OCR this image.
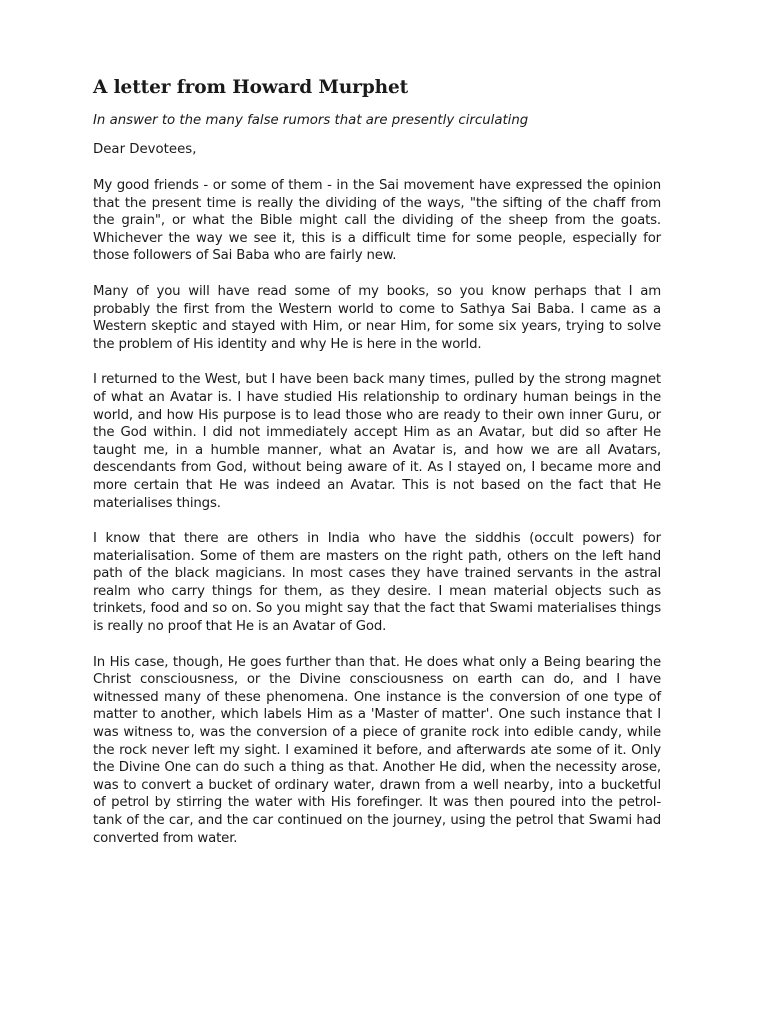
A letter from Howard Murphet

In answer to the many false rumors that are presently circulating

Dear Devotees,

My good friends - or some of them - in the Sai movement have expressed the opinion that the present time is really the dividing of the ways, "the sifting of the chaff from the grain", or what the Bible might call the dividing of the sheep from the goats. Whichever the way we see it, this is a difficult time for some people, especially for those followers of Sai Baba who are fairly new.

Many of you will have read some of my books, so you know perhaps that I am probably the first from the Western world to come to Sathya Sai Baba. I came as a Western skeptic and stayed with Him, or near Him, for some six years, trying to solve the problem of His identity and why He is here in the world.

I returned to the West, but I have been back many times, pulled by the strong magnet of what an Avatar is. I have studied His relationship to ordinary human beings in the world, and how His purpose is to lead those who are ready to their own inner Guru, or the God within. I did not immediately accept Him as an Avatar, but did so after He taught me, in a humble manner, what an Avatar is, and how we are all Avatars, descendants from God, without being aware of it. As I stayed on, I became more and more certain that He was indeed an Avatar. This is not based on the fact that He materialises things.

I know that there are others in India who have the siddhis (occult powers) for materialisation. Some of them are masters on the right path, others on the left hand path of the black magicians. In most cases they have trained servants in the astral realm who carry things for them, as they desire. I mean material objects such as trinkets, food and so on. So you might say that the fact that Swami materialises things is really no proof that He is an Avatar of God.

In His case, though, He goes further than that. He does what only a Being bearing the Christ consciousness, or the Divine consciousness on earth can do, and I have witnessed many of these phenomena. One instance is the conversion of one type of matter to another, which labels Him as a 'Master of matter'. One such instance that I was witness to, was the conversion of a piece of granite rock into edible candy, while the rock never left my sight. I examined it before, and afterwards ate some of it. Only the Divine One can do such a thing as that. Another He did, when the necessity arose, was to convert a bucket of ordinary water, drawn from a well nearby, into a bucketful of petrol by stirring the water with His forefinger. It was then poured into the petrol-tank of the car, and the car continued on the journey, using the petrol that Swami had converted from water.
